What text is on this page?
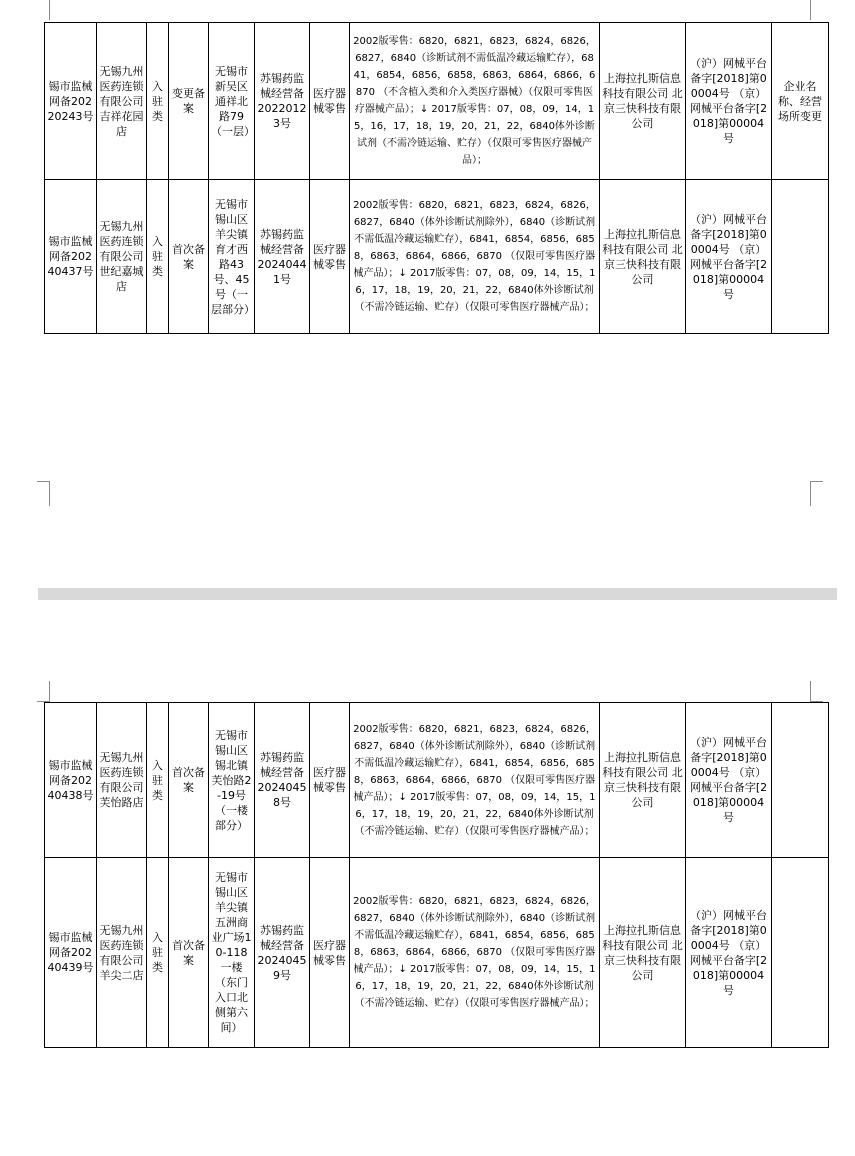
锡市监械网备20220243号	无锡九州医药连锁有限公司吉祥花园店	入驻类	变更备案	无锡市新吴区通祥北路79（一层）	苏锡药监械经营备20220123号	医疗器械零售	2002版零售：6820，6821，6823，6824，6826，6827，6840（诊断试剂不需低温冷藏运输贮存），6841，6854，6856，6858，6863，6864，6866，6870 （不含植入类和介入类医疗器械）（仅限可零售医疗器械产品）；↓ 2017版零售：07，08，09，14，15，16，17，18，19，20，21，22，6840体外诊断试剂（不需冷链运输、贮存）（仅限可零售医疗器械产品）；	上海拉扎斯信息科技有限公司 北京三快科技有限公司	（沪）网械平台备字[2018]第00004号 （京）网械平台备字[2018]第00004号	企业名称、经营场所变更
锡市监械网备20240437号	无锡九州医药连锁有限公司世纪嘉城店	入驻类	首次备案	无锡市锡山区羊尖镇育才西路43号、45号（一层部分）	苏锡药监械经营备20240441号	医疗器械零售	2002版零售：6820，6821，6823，6824，6826，6827，6840（体外诊断试剂除外），6840（诊断试剂不需低温冷藏运输贮存），6841，6854，6856，6858，6863，6864，6866，6870 （仅限可零售医疗器械产品）；↓ 2017版零售：07，08，09，14，15，16，17，18，19，20，21，22，6840体外诊断试剂（不需冷链运输、贮存）（仅限可零售医疗器械产品）；	上海拉扎斯信息科技有限公司 北京三快科技有限公司	（沪）网械平台备字[2018]第00004号 （京）网械平台备字[2018]第00004号	
锡市监械网备20240438号	无锡九州医药连锁有限公司芙怡路店	入驻类	首次备案	无锡市锡山区锡北镇芙怡路2-19号（一楼部分）	苏锡药监械经营备20240458号	医疗器械零售	2002版零售：6820，6821，6823，6824，6826，6827，6840（体外诊断试剂除外），6840（诊断试剂不需低温冷藏运输贮存），6841，6854，6856，6858，6863，6864，6866，6870 （仅限可零售医疗器械产品）；↓ 2017版零售：07，08，09，14，15，16，17，18，19，20，21，22，6840体外诊断试剂（不需冷链运输、贮存）（仅限可零售医疗器械产品）；	上海拉扎斯信息科技有限公司 北京三快科技有限公司	（沪）网械平台备字[2018]第00004号 （京）网械平台备字[2018]第00004号	
锡市监械网备20240439号	无锡九州医药连锁有限公司羊尖二店	入驻类	首次备案	无锡市锡山区羊尖镇五洲商业广场10-118一楼（东门入口北侧第六间）	苏锡药监械经营备20240459号	医疗器械零售	2002版零售：6820，6821，6823，6824，6826，6827，6840（体外诊断试剂除外），6840（诊断试剂不需低温冷藏运输贮存），6841，6854，6856，6858，6863，6864，6866，6870 （仅限可零售医疗器械产品）；↓ 2017版零售：07，08，09，14，15，16，17，18，19，20，21，22，6840体外诊断试剂（不需冷链运输、贮存）（仅限可零售医疗器械产品）；	上海拉扎斯信息科技有限公司 北京三快科技有限公司	（沪）网械平台备字[2018]第00004号 （京）网械平台备字[2018]第00004号	
